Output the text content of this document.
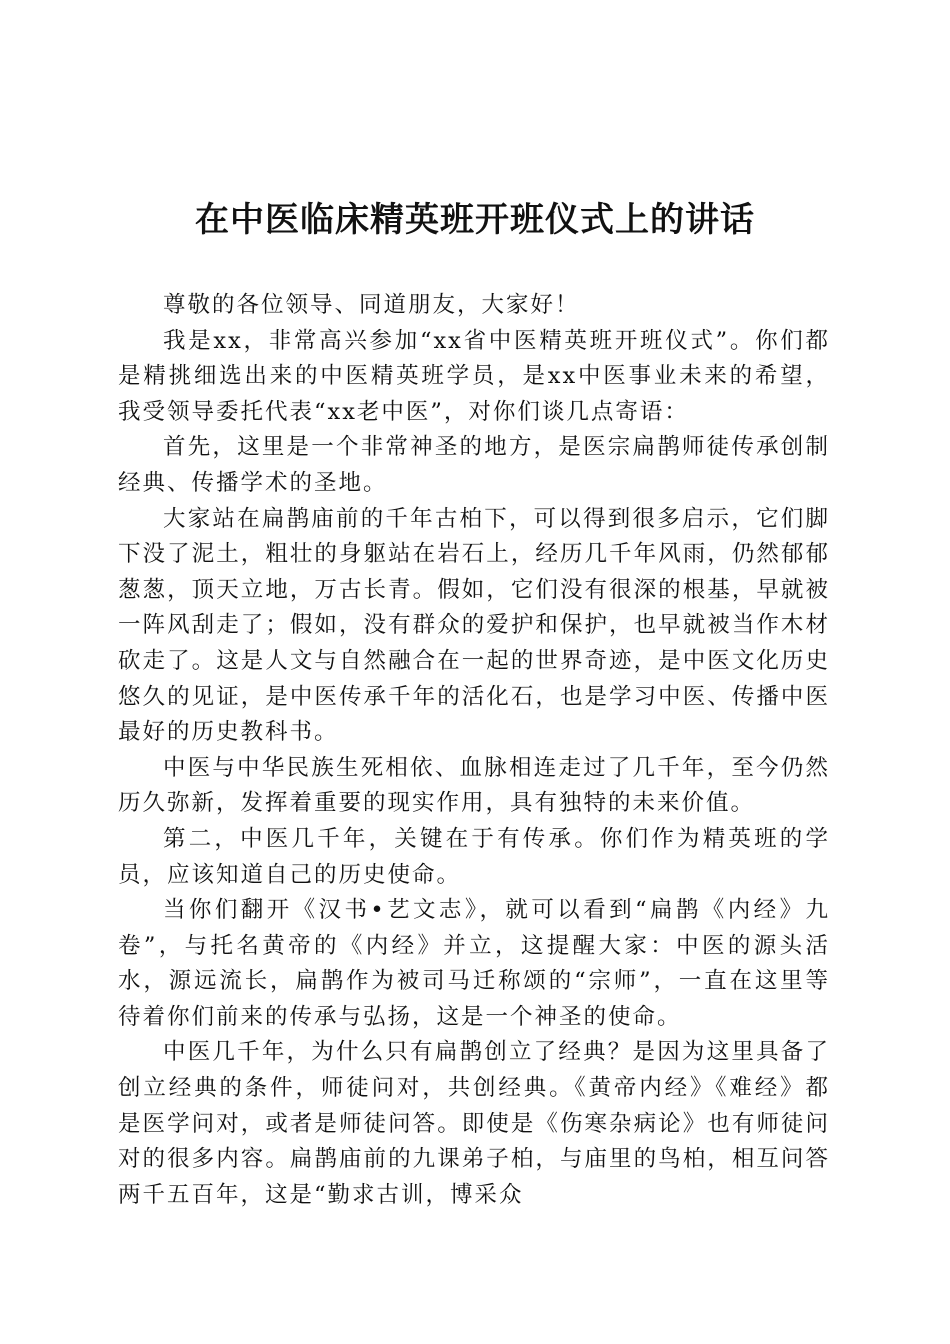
在中医临床精英班开班仪式上的讲话

尊敬的各位领导、同道朋友，大家好！

我是xx，非常高兴参加“xx省中医精英班开班仪式”。你们都是精挑细选出来的中医精英班学员，是xx中医事业未来的希望，我受领导委托代表“xx老中医”，对你们谈几点寄语：

首先，这里是一个非常神圣的地方，是医宗扁鹊师徒传承创制经典、传播学术的圣地。

大家站在扁鹊庙前的千年古柏下，可以得到很多启示，它们脚下没了泥土，粗壮的身躯站在岩石上，经历几千年风雨，仍然郁郁葱葱，顶天立地，万古长青。假如，它们没有很深的根基，早就被一阵风刮走了；假如，没有群众的爱护和保护，也早就被当作木材砍走了。这是人文与自然融合在一起的世界奇迹，是中医文化历史悠久的见证，是中医传承千年的活化石，也是学习中医、传播中医最好的历史教科书。

中医与中华民族生死相依、血脉相连走过了几千年，至今仍然历久弥新，发挥着重要的现实作用，具有独特的未来价值。

第二，中医几千年，关键在于有传承。你们作为精英班的学员，应该知道自己的历史使命。

当你们翻开《汉书•艺文志》，就可以看到“扁鹊《内经》九卷”，与托名黄帝的《内经》并立，这提醒大家：中医的源头活水，源远流长，扁鹊作为被司马迁称颂的“宗师”，一直在这里等待着你们前来的传承与弘扬，这是一个神圣的使命。

中医几千年，为什么只有扁鹊创立了经典？是因为这里具备了创立经典的条件，师徒问对，共创经典。《黄帝内经》《难经》都是医学问对，或者是师徒问答。即使是《伤寒杂病论》也有师徒问对的很多内容。扁鹊庙前的九课弟子柏，与庙里的鸟柏，相互问答两千五百年，这是“勤求古训，博采众
